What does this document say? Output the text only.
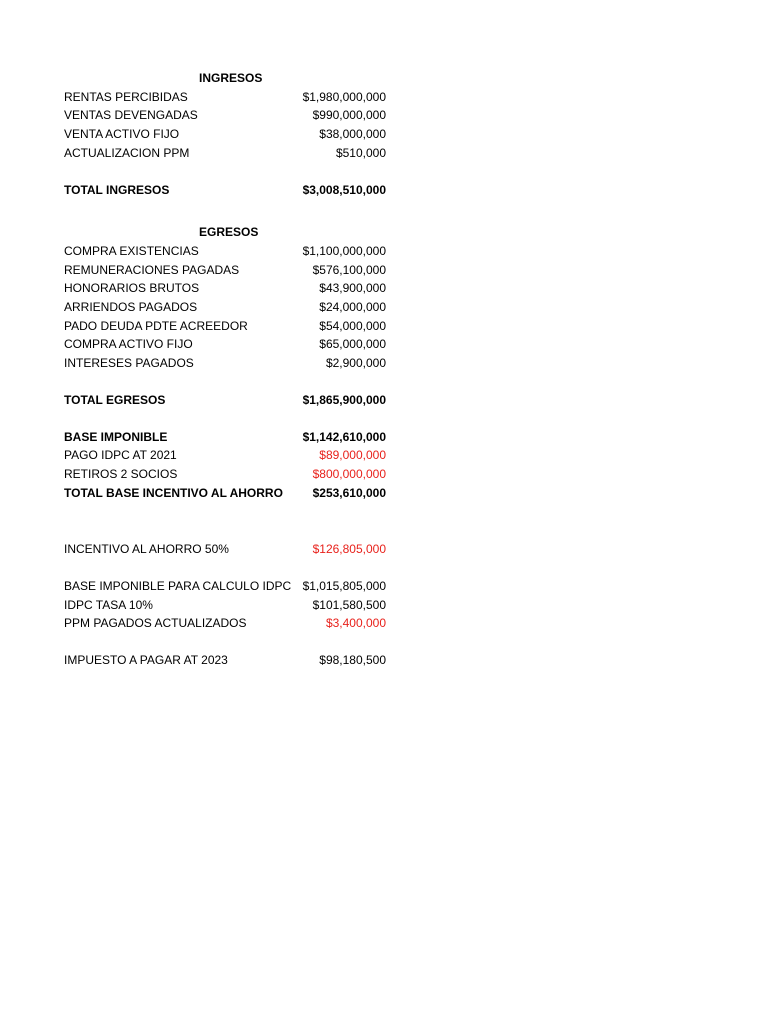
INGRESOS
RENTAS PERCIBIDAS	$1,980,000,000
VENTAS DEVENGADAS	$990,000,000
VENTA ACTIVO FIJO	$38,000,000
ACTUALIZACION PPM	$510,000
TOTAL INGRESOS	$3,008,510,000
EGRESOS
COMPRA EXISTENCIAS	$1,100,000,000
REMUNERACIONES PAGADAS	$576,100,000
HONORARIOS BRUTOS	$43,900,000
ARRIENDOS PAGADOS	$24,000,000
PADO DEUDA PDTE ACREEDOR	$54,000,000
COMPRA ACTIVO FIJO	$65,000,000
INTERESES PAGADOS	$2,900,000
TOTAL EGRESOS	$1,865,900,000
BASE IMPONIBLE	$1,142,610,000
PAGO IDPC AT 2021	$89,000,000
RETIROS 2 SOCIOS	$800,000,000
TOTAL BASE INCENTIVO AL AHORRO $253,610,000
INCENTIVO AL AHORRO 50%	$126,805,000
BASE IMPONIBLE PARA CALCULO IDPC $1,015,805,000
IDPC TASA 10%	$101,580,500
PPM PAGADOS ACTUALIZADOS	$3,400,000
IMPUESTO A PAGAR AT 2023	$98,180,500
